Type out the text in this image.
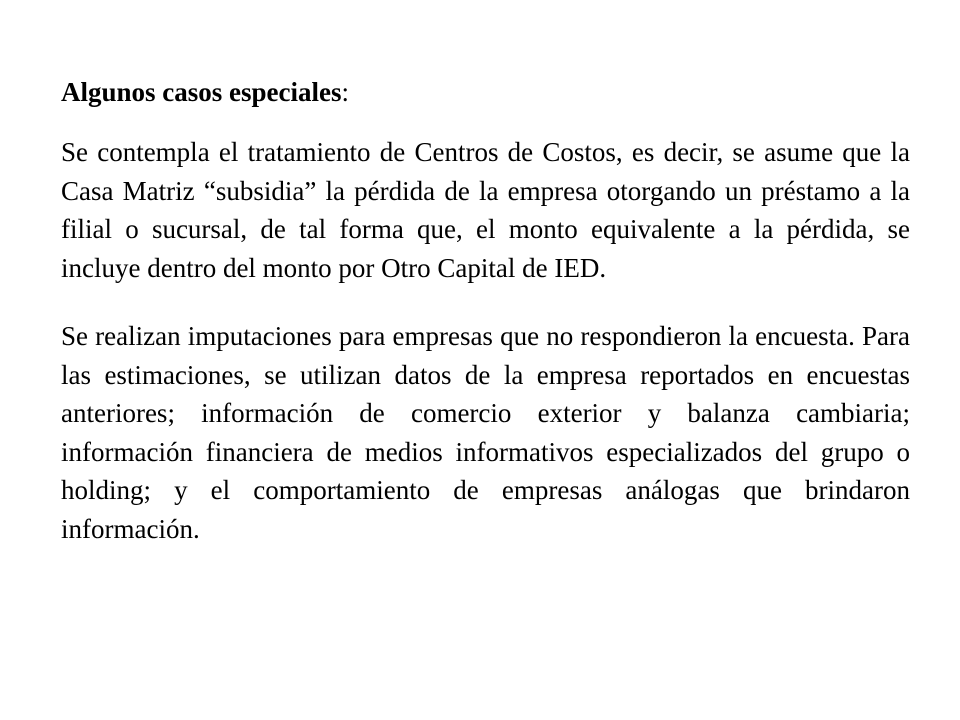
Algunos casos especiales:

Se contempla el tratamiento de Centros de Costos, es decir, se asume que la Casa Matriz “subsidia” la pérdida de la empresa otorgando un préstamo a la filial o sucursal, de tal forma que, el monto equivalente a la pérdida, se incluye dentro del monto por Otro Capital de IED.

Se realizan imputaciones para empresas que no respondieron la encuesta. Para las estimaciones, se utilizan datos de la empresa reportados en encuestas anteriores; información de comercio exterior y balanza cambiaria; información financiera de medios informativos especializados del grupo o holding; y el comportamiento de empresas análogas que brindaron información.
